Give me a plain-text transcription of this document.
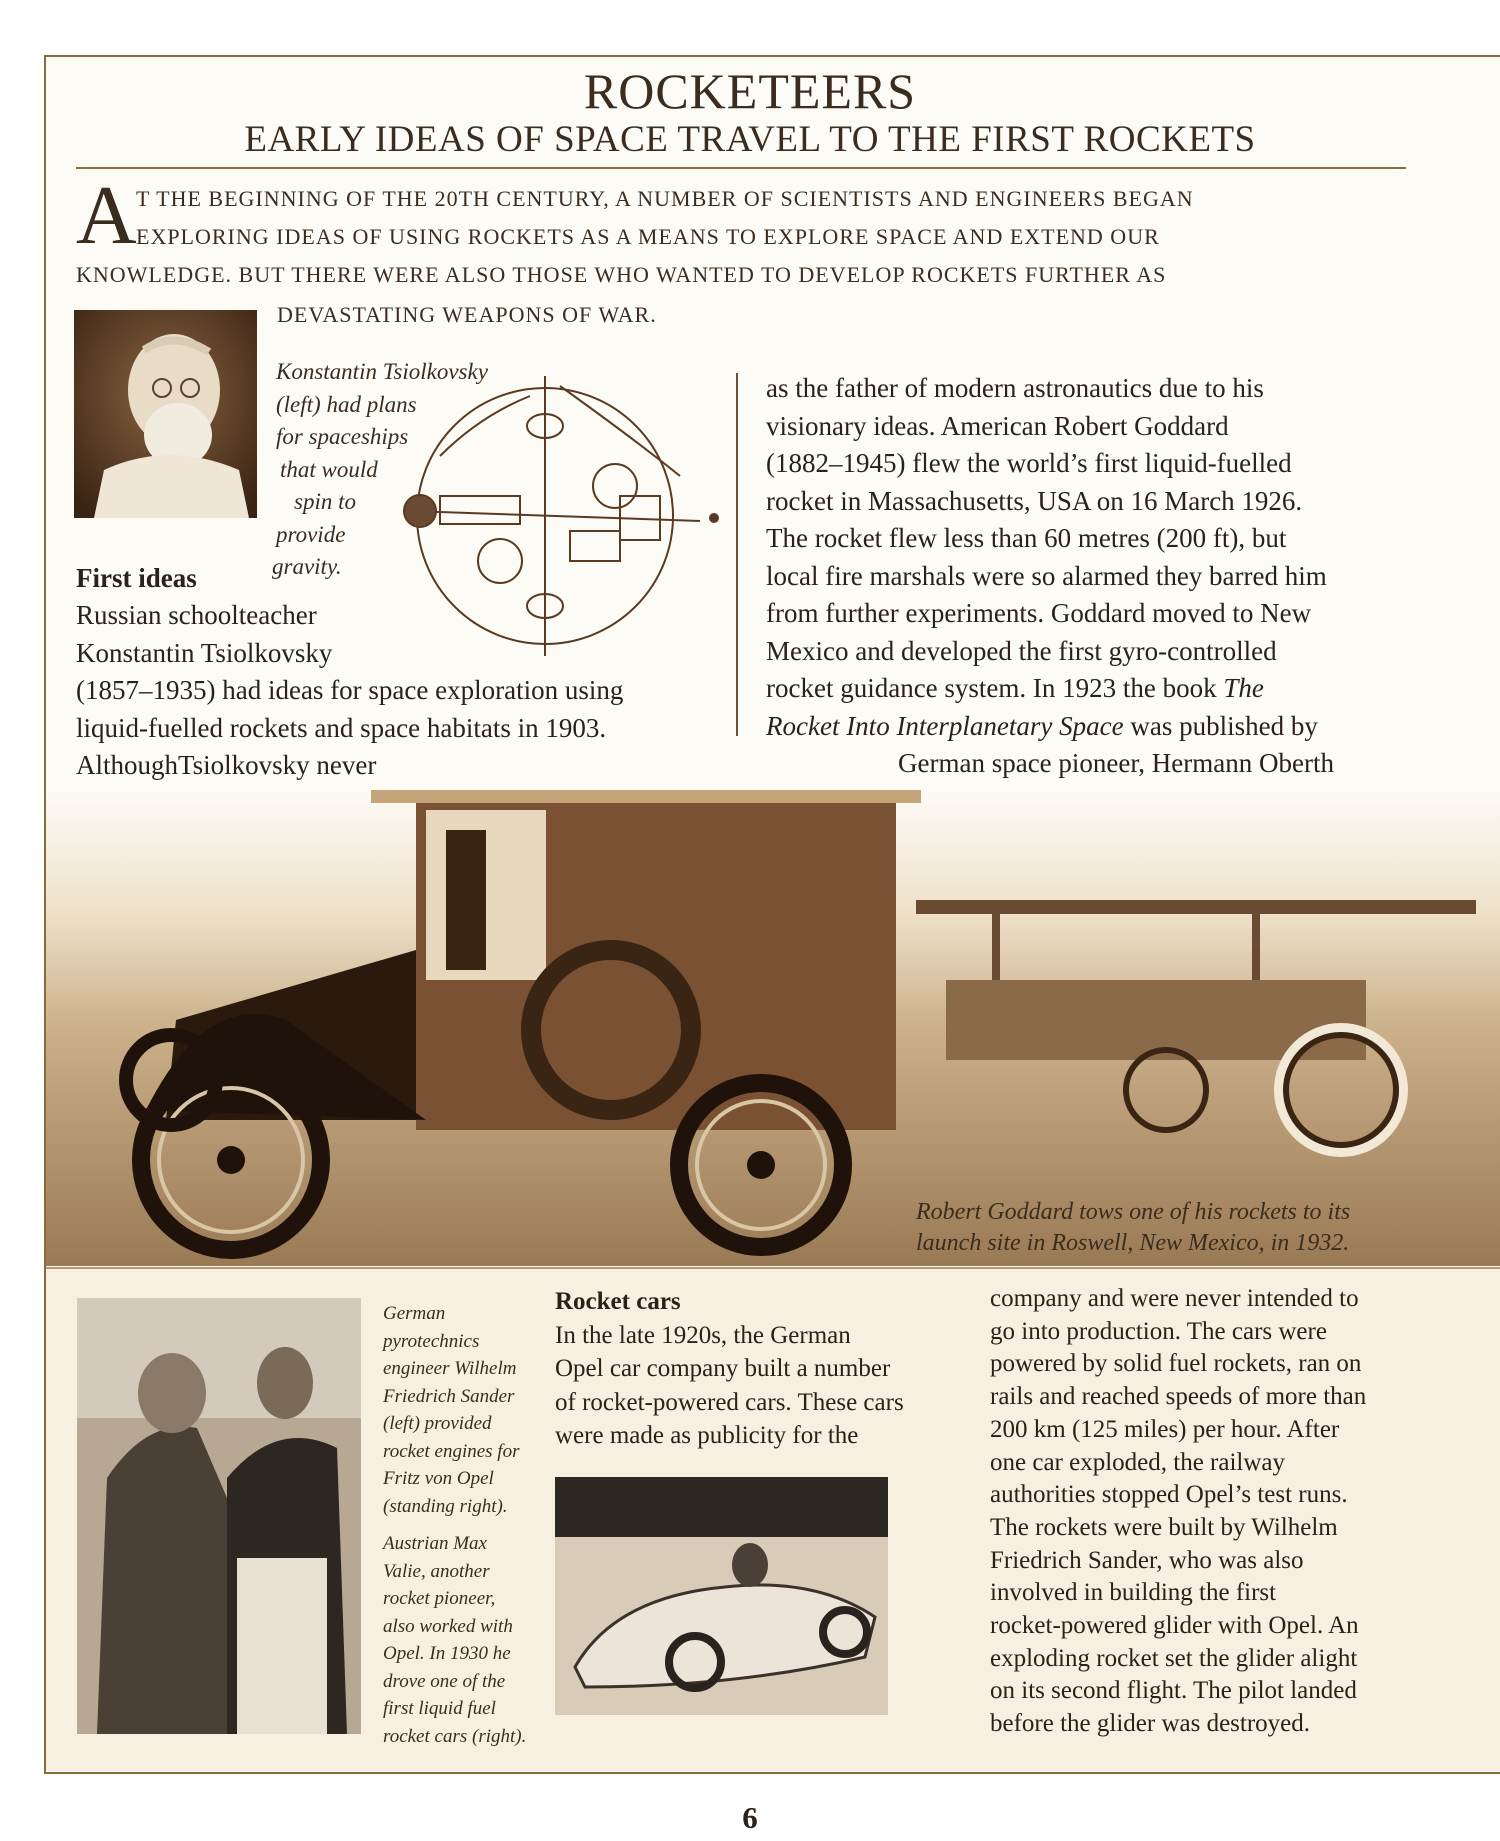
ROCKETEERS
EARLY IDEAS OF SPACE TRAVEL TO THE FIRST ROCKETS
A T THE BEGINNING OF THE 20TH CENTURY, A NUMBER OF SCIENTISTS AND ENGINEERS BEGAN
EXPLORING IDEAS OF USING ROCKETS AS A MEANS TO EXPLORE SPACE AND EXTEND OUR
KNOWLEDGE. BUT THERE WERE ALSO THOSE WHO WANTED TO DEVELOP ROCKETS FURTHER AS
DEVASTATING WEAPONS OF WAR.
Konstantin Tsiolkovsky
(left) had plans
for spaceships
that would
spin to
provide
gravity.
First ideas
Russian schoolteacher
Konstantin Tsiolkovsky
(1857–1935) had ideas for space exploration using
liquid-fuelled rockets and space habitats in 1903.
AlthoughTsiolkovsky never
as the father of modern astronautics due to his
visionary ideas. American Robert Goddard
(1882–1945) flew the world’s first liquid-fuelled
rocket in Massachusetts, USA on 16 March 1926.
The rocket flew less than 60 metres (200 ft), but
local fire marshals were so alarmed they barred him
from further experiments. Goddard moved to New
Mexico and developed the first gyro-controlled
rocket guidance system. In 1923 the book The
Rocket Into Interplanetary Space was published by
German space pioneer, Hermann Oberth
Robert Goddard tows one of his rockets to its
launch site in Roswell, New Mexico, in 1932.
German
pyrotechnics
engineer Wilhelm
Friedrich Sander
(left) provided
rocket engines for
Fritz von Opel
(standing right).
Austrian Max
Valie, another
rocket pioneer,
also worked with
Opel. In 1930 he
drove one of the
first liquid fuel
rocket cars (right).
Rocket cars
In the late 1920s, the German
Opel car company built a number
of rocket-powered cars. These cars
were made as publicity for the
company and were never intended to
go into production. The cars were
powered by solid fuel rockets, ran on
rails and reached speeds of more than
200 km (125 miles) per hour. After
one car exploded, the railway
authorities stopped Opel’s test runs.
The rockets were built by Wilhelm
Friedrich Sander, who was also
involved in building the first
rocket-powered glider with Opel. An
exploding rocket set the glider alight
on its second flight. The pilot landed
before the glider was destroyed.
6
